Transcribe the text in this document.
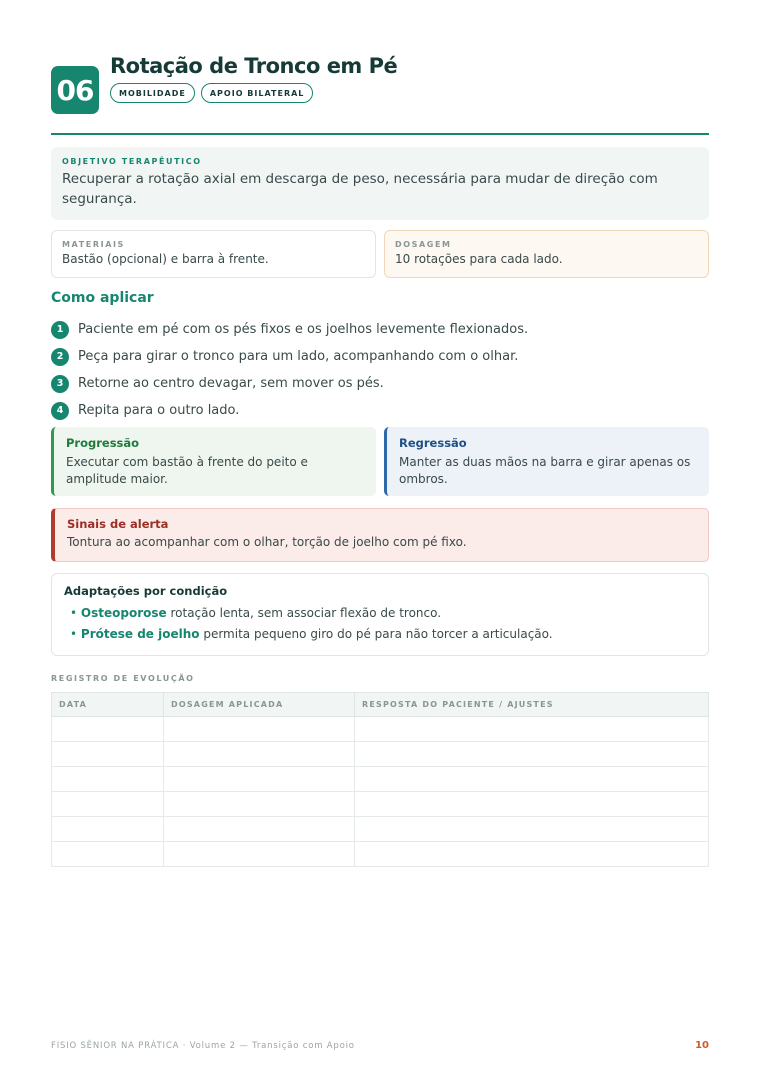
06
Rotação de Tronco em Pé
MOBILIDADE	APOIO BILATERAL
OBJETIVO TERAPÊUTICO
Recuperar a rotação axial em descarga de peso, necessária para mudar de direção com segurança.
MATERIAIS
Bastão (opcional) e barra à frente.
DOSAGEM
10 rotações para cada lado.
Como aplicar
1	Paciente em pé com os pés fixos e os joelhos levemente flexionados.
2	Peça para girar o tronco para um lado, acompanhando com o olhar.
3	Retorne ao centro devagar, sem mover os pés.
4	Repita para o outro lado.
Progressão
Executar com bastão à frente do peito e amplitude maior.
Regressão
Manter as duas mãos na barra e girar apenas os ombros.
Sinais de alerta
Tontura ao acompanhar com o olhar, torção de joelho com pé fixo.
Adaptações por condição
• Osteoporose rotação lenta, sem associar flexão de tronco.
• Prótese de joelho permita pequeno giro do pé para não torcer a articulação.
REGISTRO DE EVOLUÇÃO
DATA	DOSAGEM APLICADA	RESPOSTA DO PACIENTE / AJUSTES

FISIO SÊNIOR NA PRÁTICA · Volume 2 — Transição com Apoio	10
